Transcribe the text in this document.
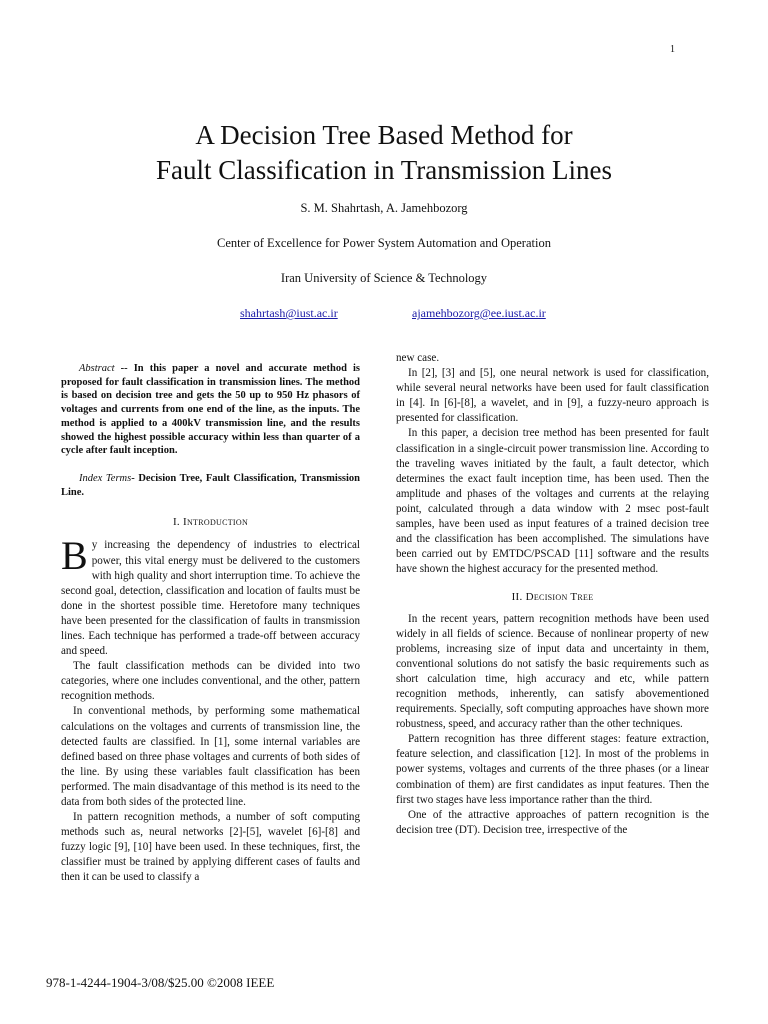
1
A Decision Tree Based Method for
Fault Classification in Transmission Lines
S. M. Shahrtash, A. Jamehbozorg
Center of Excellence for Power System Automation and Operation
Iran University of Science & Technology
shahrtash@iust.ac.ir	ajamehbozorg@ee.iust.ac.ir

Abstract -- In this paper a novel and accurate method is proposed for fault classification in transmission lines. The method is based on decision tree and gets the 50 up to 950 Hz phasors of voltages and currents from one end of the line, as the inputs. The method is applied to a 400kV transmission line, and the results showed the highest possible accuracy within less than quarter of a cycle after fault inception.

Index Terms- Decision Tree, Fault Classification, Transmission Line.

I. Introduction

By increasing the dependency of industries to electrical power, this vital energy must be delivered to the customers with high quality and short interruption time. To achieve the second goal, detection, classification and location of faults must be done in the shortest possible time. Heretofore many techniques have been presented for the classification of faults in transmission lines. Each technique has performed a trade-off between accuracy and speed.

The fault classification methods can be divided into two categories, where one includes conventional, and the other, pattern recognition methods.

In conventional methods, by performing some mathematical calculations on the voltages and currents of transmission line, the detected faults are classified. In [1], some internal variables are defined based on three phase voltages and currents of both sides of the line. By using these variables fault classification has been performed. The main disadvantage of this method is its need to the data from both sides of the protected line.

In pattern recognition methods, a number of soft computing methods such as, neural networks [2]-[5], wavelet [6]-[8] and fuzzy logic [9], [10] have been used. In these techniques, first, the classifier must be trained by applying different cases of faults and then it can be used to classify a

new case.

In [2], [3] and [5], one neural network is used for classification, while several neural networks have been used for fault classification in [4]. In [6]-[8], a wavelet, and in [9], a fuzzy-neuro approach is presented for classification.

In this paper, a decision tree method has been presented for fault classification in a single-circuit power transmission line. According to the traveling waves initiated by the fault, a fault detector, which determines the exact fault inception time, has been used. Then the amplitude and phases of the voltages and currents at the relaying point, calculated through a data window with 2 msec post-fault samples, have been used as input features of a trained decision tree and the classification has been accomplished. The simulations have been carried out by EMTDC/PSCAD [11] software and the results have shown the highest accuracy for the presented method.

II. Decision Tree

In the recent years, pattern recognition methods have been used widely in all fields of science. Because of nonlinear property of new problems, increasing size of input data and uncertainty in them, conventional solutions do not satisfy the basic requirements such as short calculation time, high accuracy and etc, while pattern recognition methods, inherently, can satisfy abovementioned requirements. Specially, soft computing approaches have shown more robustness, speed, and accuracy rather than the other techniques.

Pattern recognition has three different stages: feature extraction, feature selection, and classification [12]. In most of the problems in power systems, voltages and currents of the three phases (or a linear combination of them) are first candidates as input features. Then the first two stages have less importance rather than the third.

One of the attractive approaches of pattern recognition is the decision tree (DT). Decision tree, irrespective of the

978-1-4244-1904-3/08/$25.00 ©2008 IEEE
